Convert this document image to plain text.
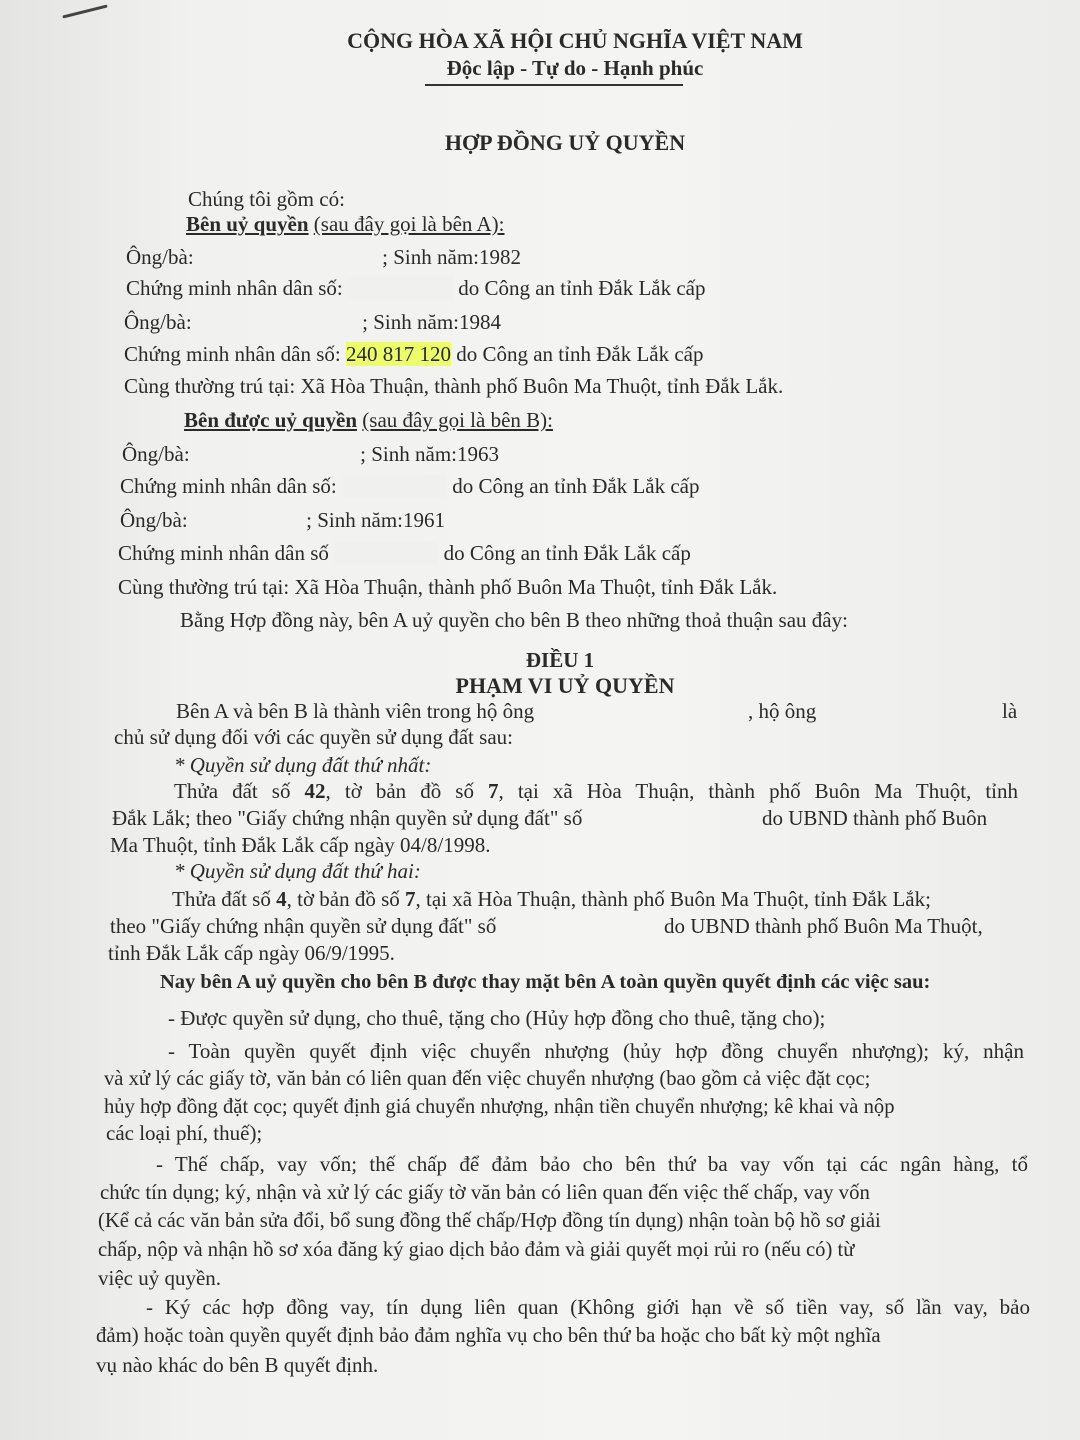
CỘNG HÒA XÃ HỘI CHỦ NGHĨA VIỆT NAM
Độc lập - Tự do - Hạnh phúc
HỢP ĐỒNG UỶ QUYỀN
Chúng tôi gồm có:
Bên uỷ quyền (sau đây gọi là bên A):
Ông/bà:	; Sinh năm:1982
Chứng minh nhân dân số:	do Công an tỉnh Đắk Lắk cấp
Ông/bà:	; Sinh năm:1984
Chứng minh nhân dân số: 240 817 120 do Công an tỉnh Đắk Lắk cấp
Cùng thường trú tại: Xã Hòa Thuận, thành phố Buôn Ma Thuột, tỉnh Đắk Lắk.
Bên được uỷ quyền (sau đây gọi là bên B):
Ông/bà:	; Sinh năm:1963
Chứng minh nhân dân số:	do Công an tỉnh Đắk Lắk cấp
Ông/bà:	; Sinh năm:1961
Chứng minh nhân dân số	do Công an tỉnh Đắk Lắk cấp
Cùng thường trú tại: Xã Hòa Thuận, thành phố Buôn Ma Thuột, tỉnh Đắk Lắk.
Bằng Hợp đồng này, bên A uỷ quyền cho bên B theo những thoả thuận sau đây:
ĐIỀU 1
PHẠM VI UỶ QUYỀN
Bên A và bên B là thành viên trong hộ ông	, hộ ông	là
chủ sử dụng đối với các quyền sử dụng đất sau:
* Quyền sử dụng đất thứ nhất:
Thửa đất số 42, tờ bản đồ số 7, tại xã Hòa Thuận, thành phố Buôn Ma Thuột, tỉnh
Đắk Lắk; theo "Giấy chứng nhận quyền sử dụng đất" số	do UBND thành phố Buôn
Ma Thuột, tỉnh Đắk Lắk cấp ngày 04/8/1998.
* Quyền sử dụng đất thứ hai:
Thửa đất số 4, tờ bản đồ số 7, tại xã Hòa Thuận, thành phố Buôn Ma Thuột, tỉnh Đắk Lắk;
theo "Giấy chứng nhận quyền sử dụng đất" số	do UBND thành phố Buôn Ma Thuột,
tỉnh Đắk Lắk cấp ngày 06/9/1995.
Nay bên A uỷ quyền cho bên B được thay mặt bên A toàn quyền quyết định các việc sau:
- Được quyền sử dụng, cho thuê, tặng cho (Hủy hợp đồng cho thuê, tặng cho);
- Toàn quyền quyết định việc chuyển nhượng (hủy hợp đồng chuyển nhượng); ký, nhận
và xử lý các giấy tờ, văn bản có liên quan đến việc chuyển nhượng (bao gồm cả việc đặt cọc;
hủy hợp đồng đặt cọc; quyết định giá chuyển nhượng, nhận tiền chuyển nhượng; kê khai và nộp
các loại phí, thuế);
- Thế chấp, vay vốn; thế chấp để đảm bảo cho bên thứ ba vay vốn tại các ngân hàng, tổ
chức tín dụng; ký, nhận và xử lý các giấy tờ văn bản có liên quan đến việc thế chấp, vay vốn
(Kể cả các văn bản sửa đổi, bổ sung đồng thế chấp/Hợp đồng tín dụng) nhận toàn bộ hồ sơ giải
chấp, nộp và nhận hồ sơ xóa đăng ký giao dịch bảo đảm và giải quyết mọi rủi ro (nếu có) từ
việc uỷ quyền.
- Ký các hợp đồng vay, tín dụng liên quan (Không giới hạn về số tiền vay, số lần vay, bảo
đảm) hoặc toàn quyền quyết định bảo đảm nghĩa vụ cho bên thứ ba hoặc cho bất kỳ một nghĩa
vụ nào khác do bên B quyết định.
